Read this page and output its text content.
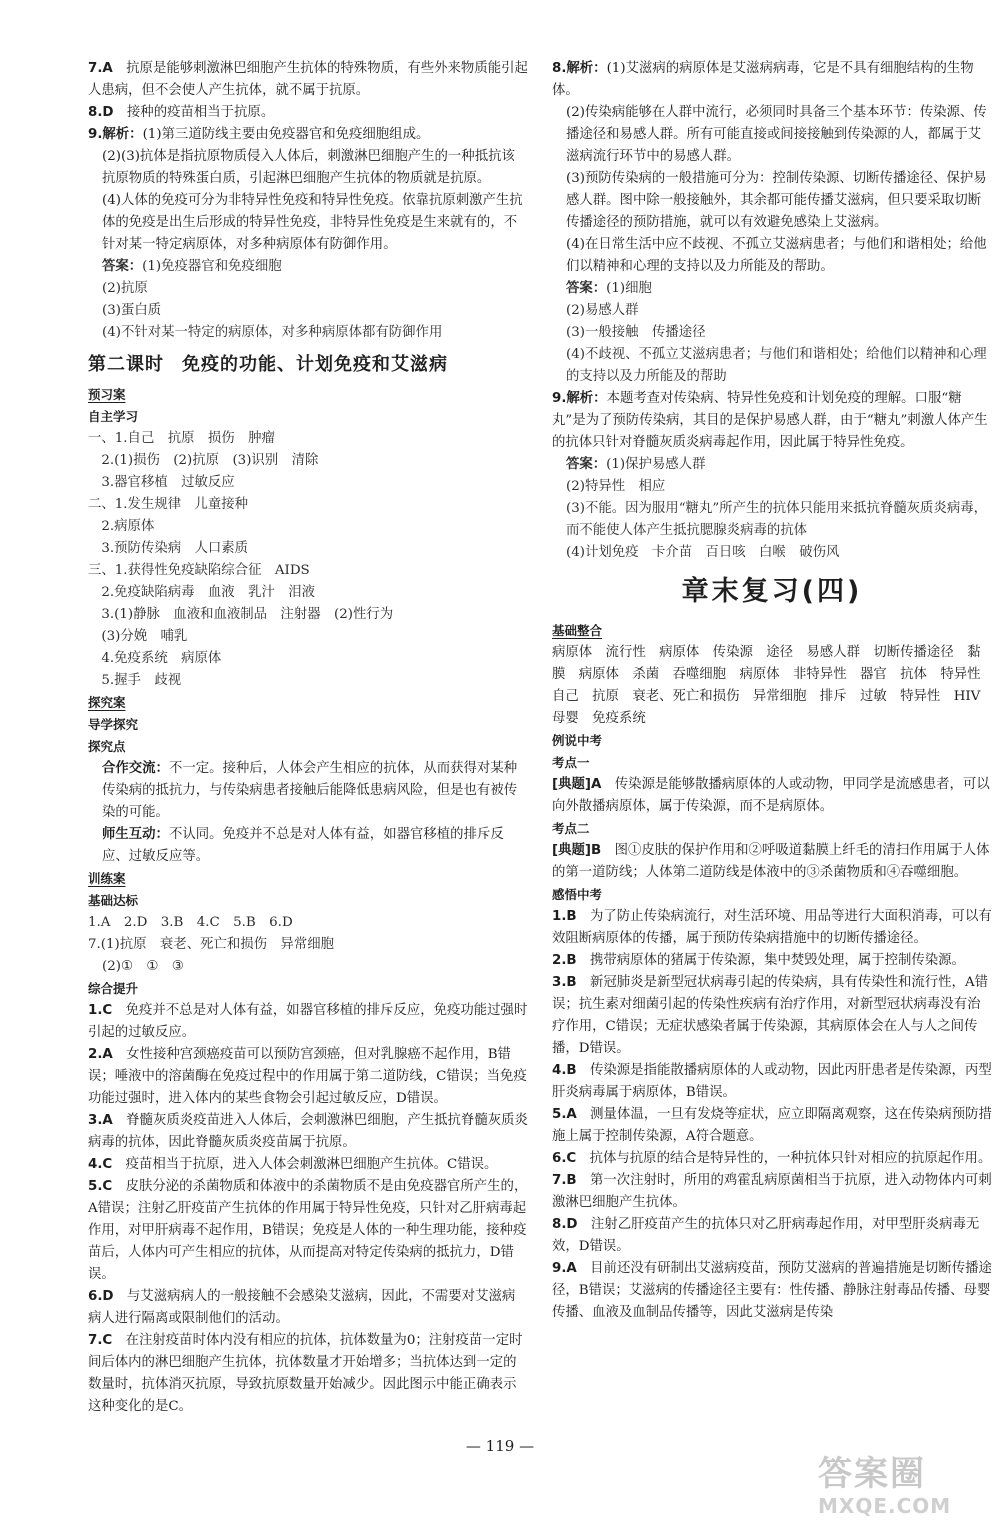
7.A　 抗原是能够刺激淋巴细胞产生抗体的特殊物质，有些外来物质能引起人患病，但不会使人产生抗体，就不属于抗原。

8.D　 接种的疫苗相当于抗原。

9.解析：(1)第三道防线主要由免疫器官和免疫细胞组成。

(2)(3)抗体是指抗原物质侵入人体后，刺激淋巴细胞产生的一种抵抗该抗原物质的特殊蛋白质，引起淋巴细胞产生抗体的物质就是抗原。

(4)人体的免疫可分为非特异性免疫和特异性免疫。依靠抗原刺激产生抗体的免疫是出生后形成的特异性免疫，非特异性免疫是生来就有的，不针对某一特定病原体，对多种病原体有防御作用。

答案：(1)免疫器官和免疫细胞

(2)抗原

(3)蛋白质

(4)不针对某一特定的病原体，对多种病原体都有防御作用

第二课时 免疫的功能、计划免疫和艾滋病
预习案
自主学习

一、1.自己　抗原　损伤　肿瘤

　2.(1)损伤　(2)抗原　(3)识别　清除

　3.器官移植　过敏反应

二、1.发生规律　儿童接种

　2.病原体

　3.预防传染病　人口素质

三、1.获得性免疫缺陷综合征　AIDS

　2.免疫缺陷病毒　血液　乳汁　泪液

　3.(1)静脉　血液和血液制品　注射器　(2)性行为

　(3)分娩　哺乳

　4.免疫系统　病原体

　5.握手　歧视

探究案
导学探究
探究点

合作交流：不一定。接种后，人体会产生相应的抗体，从而获得对某种传染病的抵抗力，与传染病患者接触后能降低患病风险，但是也有被传染的可能。

师生互动：不认同。免疫并不总是对人体有益，如器官移植的排斥反应、过敏反应等。

训练案
基础达标

1.A　2.D　3.B　4.C　5.B　6.D

7.(1)抗原　衰老、死亡和损伤　异常细胞

(2)①　①　③

综合提升

1.C　 免疫并不总是对人体有益，如器官移植的排斥反应，免疫功能过强时引起的过敏反应。

2.A　 女性接种宫颈癌疫苗可以预防宫颈癌，但对乳腺癌不起作用，B错误；唾液中的溶菌酶在免疫过程中的作用属于第二道防线，C错误；当免疫功能过强时，进入体内的某些食物会引起过敏反应，D错误。

3.A　 脊髓灰质炎疫苗进入人体后，会刺激淋巴细胞，产生抵抗脊髓灰质炎病毒的抗体，因此脊髓灰质炎疫苗属于抗原。

4.C　 疫苗相当于抗原，进入人体会刺激淋巴细胞产生抗体。C错误。

5.C　 皮肤分泌的杀菌物质和体液中的杀菌物质不是由免疫器官所产生的，A错误；注射乙肝疫苗产生抗体的作用属于特异性免疫，只针对乙肝病毒起作用，对甲肝病毒不起作用，B错误；免疫是人体的一种生理功能，接种疫苗后，人体内可产生相应的抗体，从而提高对特定传染病的抵抗力，D错误。

6.D　 与艾滋病病人的一般接触不会感染艾滋病，因此，不需要对艾滋病病人进行隔离或限制他们的活动。

7.C　 在注射疫苗时体内没有相应的抗体，抗体数量为0；注射疫苗一定时间后体内的淋巴细胞产生抗体，抗体数量才开始增多；当抗体达到一定的数量时，抗体消灭抗原，导致抗原数量开始减少。因此图示中能正确表示这种变化的是C。

8.解析：(1)艾滋病的病原体是艾滋病病毒，它是不具有细胞结构的生物体。

(2)传染病能够在人群中流行，必须同时具备三个基本环节：传染源、传播途径和易感人群。所有可能直接或间接接触到传染源的人，都属于艾滋病流行环节中的易感人群。

(3)预防传染病的一般措施可分为：控制传染源、切断传播途径、保护易感人群。图中除一般接触外，其余都可能传播艾滋病，但只要采取切断传播途径的预防措施，就可以有效避免感染上艾滋病。

(4)在日常生活中应不歧视、不孤立艾滋病患者；与他们和谐相处；给他们以精神和心理的支持以及力所能及的帮助。

答案：(1)细胞

(2)易感人群

(3)一般接触　传播途径

(4)不歧视、不孤立艾滋病患者；与他们和谐相处；给他们以精神和心理的支持以及力所能及的帮助

9.解析：本题考查对传染病、特异性免疫和计划免疫的理解。口服“糖丸”是为了预防传染病，其目的是保护易感人群，由于“糖丸”刺激人体产生的抗体只针对脊髓灰质炎病毒起作用，因此属于特异性免疫。

答案：(1)保护易感人群

(2)特异性　相应

(3)不能。因为服用“糖丸”所产生的抗体只能用来抵抗脊髓灰质炎病毒，而不能使人体产生抵抗腮腺炎病毒的抗体

(4)计划免疫　卡介苗　百日咳　白喉　破伤风

章末复习(四)
基础整合

病原体　流行性　病原体　传染源　途径　易感人群　切断传播途径　黏膜　病原体　杀菌　吞噬细胞　病原体　非特异性　器官　抗体　特异性　自己　抗原　衰老、死亡和损伤　异常细胞　排斥　过敏　特异性　HIV　母婴　免疫系统

例说中考
考点一

[典题]A　 传染源是能够散播病原体的人或动物，甲同学是流感患者，可以向外散播病原体，属于传染源，而不是病原体。

考点二

[典题]B　 图①皮肤的保护作用和②呼吸道黏膜上纤毛的清扫作用属于人体的第一道防线；人体第二道防线是体液中的③杀菌物质和④吞噬细胞。

感悟中考

1.B　 为了防止传染病流行，对生活环境、用品等进行大面积消毒，可以有效阻断病原体的传播，属于预防传染病措施中的切断传播途径。

2.B　 携带病原体的猪属于传染源，集中焚毁处理，属于控制传染源。

3.B　 新冠肺炎是新型冠状病毒引起的传染病，具有传染性和流行性，A错误；抗生素对细菌引起的传染性疾病有治疗作用，对新型冠状病毒没有治疗作用，C错误；无症状感染者属于传染源，其病原体会在人与人之间传播，D错误。

4.B　 传染源是指能散播病原体的人或动物，因此丙肝患者是传染源，丙型肝炎病毒属于病原体，B错误。

5.A　 测量体温，一旦有发烧等症状，应立即隔离观察，这在传染病预防措施上属于控制传染源，A符合题意。

6.C　 抗体与抗原的结合是特异性的，一种抗体只针对相应的抗原起作用。

7.B　 第一次注射时，所用的鸡霍乱病原菌相当于抗原，进入动物体内可刺激淋巴细胞产生抗体。

8.D　 注射乙肝疫苗产生的抗体只对乙肝病毒起作用，对甲型肝炎病毒无效，D错误。

9.A　 目前还没有研制出艾滋病疫苗，预防艾滋病的普遍措施是切断传播途径，B错误；艾滋病的传播途径主要有：性传播、静脉注射毒品传播、母婴传播、血液及血制品传播等，因此艾滋病是传染

— 119 —
答案圈
MXQE.COM
